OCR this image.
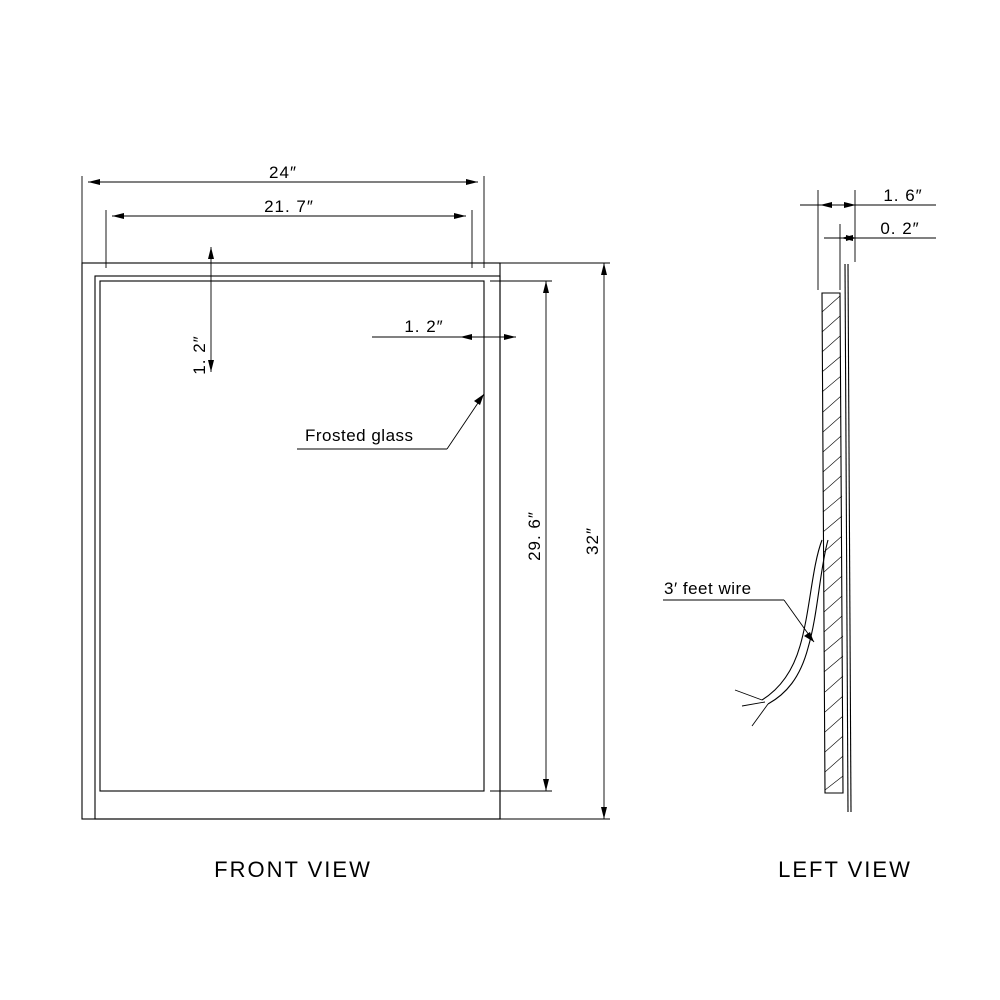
24″
21. 7″
1. 2″
1. 2″
Frosted glass
29. 6″ 32″
1. 6″
0. 2″
3′ feet wire
FRONT VIEW	LEFT VIEW
